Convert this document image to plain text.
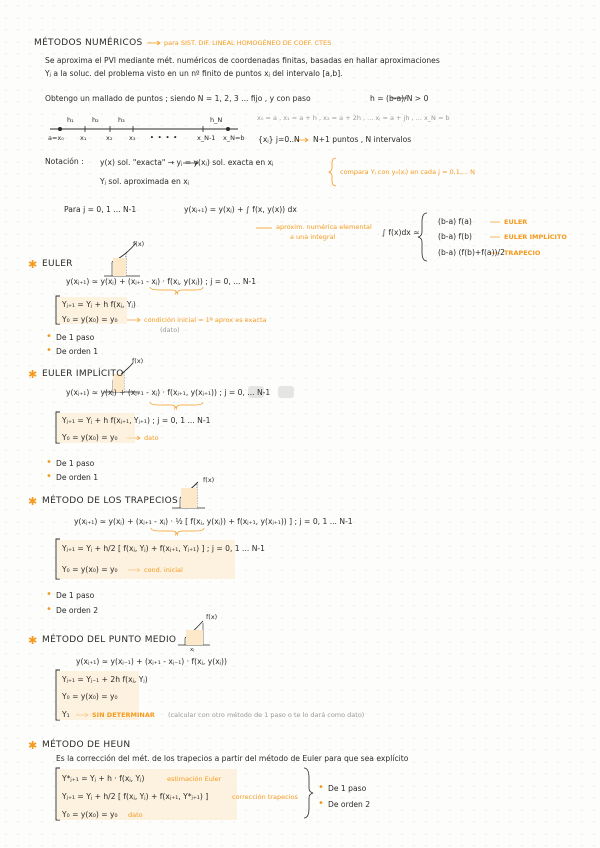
MÉTODOS NUMÉRICOS	para SIST. DIF. LINEAL HOMOGÉNEO DE COEF. CTES
Se aproxima el PVI mediante mét. numéricos de coordenadas finitas, basadas en hallar aproximaciones
Yⱼ a la soluc. del problema visto en un nº finito de puntos xⱼ del intervalo [a,b].
Obtengo un mallado de puntos ; siendo N = 1, 2, 3 ... fijo , y con paso	h = (b-a)/N > 0
h₁	h₂	h₃	h_N
a=x₀ x₁	x₂	x₃ .... x_N-1 x_N=b
x₀ = a , x₁ = a + h , x₂ = a + 2h , ... xⱼ = a + jh , ... x_N = b
{xⱼ} j=0..N N+1 puntos , N intervalos
Notación : y(x) sol. "exacta" → yⱼ = y(xⱼ) sol. exacta en xⱼ
compara Yⱼ con y₀(xⱼ) en cada j = 0,1,... N
Yⱼ sol. aproximada en xⱼ
Para j = 0, 1 ... N-1	y(xⱼ₊₁) = y(xⱼ) + ∫ f(x, y(x)) dx
aproxim. numérica elemental
a una integral	∫ f(x)dx ≃
(b-a) f(a)	EULER
(b-a) f(b)	EULER IMPLÍCITO
(b-a) (f(b)+f(a))/2 TRAPECIO
✱ EULER
f(x)
y(xⱼ₊₁) ≃ y(xⱼ) + (xⱼ₊₁ - xⱼ) · f(xⱼ, y(xⱼ)) ; j = 0, ... N-1
h
Yⱼ₊₁ = Yⱼ + h f(xⱼ, Yⱼ)
Y₀ = y(x₀) = y₀	condición inicial = 1ª aprox es exacta
(dato)
• De 1 paso
• De orden 1
✱ EULER IMPLÍCITO
f(x)
y(xⱼ₊₁) ≃ y(xⱼ) + (xⱼ₊₁ - xⱼ) · f(xⱼ₊₁, y(xⱼ₊₁)) ; j = 0, ... N-1
h
Yⱼ₊₁ = Yⱼ + h f(xⱼ₊₁, Yⱼ₊₁) ; j = 0, 1 ... N-1
Y₀ = y(x₀) = y₀	dato
• De 1 paso
• De orden 1
✱ MÉTODO DE LOS TRAPECIOS
f(x)
y(xⱼ₊₁) ≃ y(xⱼ) + (xⱼ₊₁ - xⱼ) · ½ [ f(xⱼ, y(xⱼ)) + f(xⱼ₊₁, y(xⱼ₊₁)) ] ; j = 0, 1 ... N-1
h
Yⱼ₊₁ = Yⱼ + h/2 [ f(xⱼ, Yⱼ) + f(xⱼ₊₁, Yⱼ₊₁) ] ; j = 0, 1 ... N-1
Y₀ = y(x₀) = y₀	cond. inicial
• De 1 paso
• De orden 2
✱ MÉTODO DEL PUNTO MEDIO
f(x)
xⱼ
y(xⱼ₊₁) ≃ y(xⱼ₋₁) + (xⱼ₊₁ - xⱼ₋₁) · f(xⱼ, y(xⱼ))
Yⱼ₊₁ = Yⱼ₋₁ + 2h f(xⱼ, Yⱼ)
Y₀ = y(x₀) = y₀
Y₁	SIN DETERMINAR (calcular con otro método de 1 paso o te lo dará como dato)
✱ MÉTODO DE HEUN
Es la corrección del mét. de los trapecios a partir del método de Euler para que sea explícito
Y*ⱼ₊₁ = Yⱼ + h · f(xⱼ, Yⱼ)	estimación Euler
Yⱼ₊₁ = Yⱼ + h/2 [ f(xⱼ, Yⱼ) + f(xⱼ₊₁, Y*ⱼ₊₁) ]	corrección trapecios
Y₀ = y(x₀) = y₀ dato
• De 1 paso
• De orden 2
